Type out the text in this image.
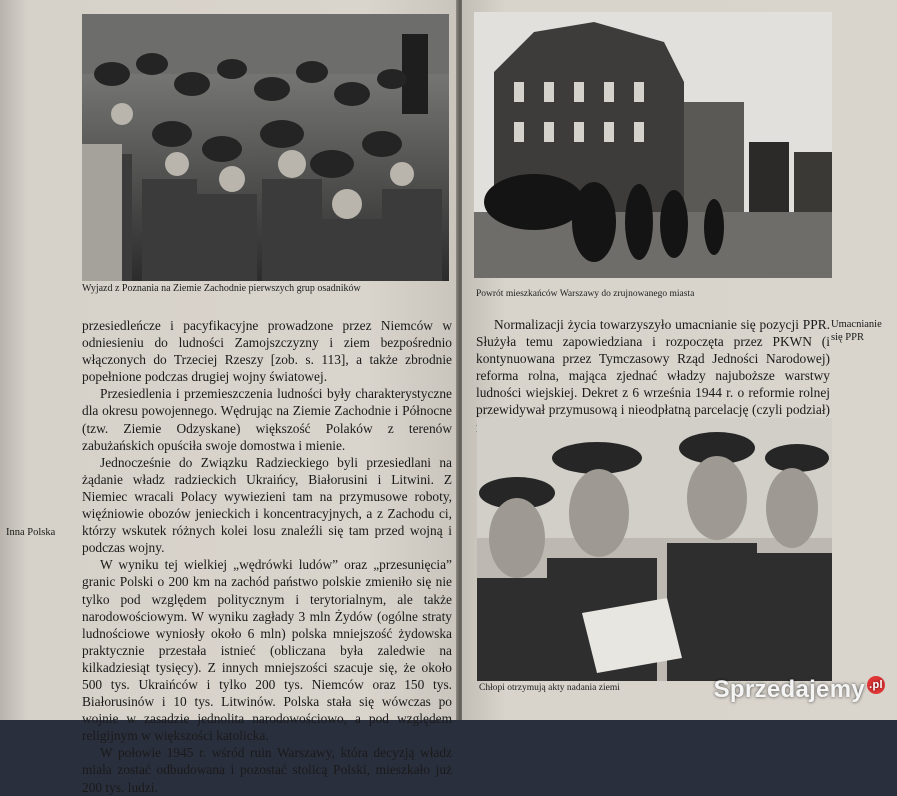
Wyjazd z Poznania na Ziemie Zachodnie pierwszych grup osadników

przesiedleńcze i pacyfikacyjne prowadzone przez Niemców w odniesieniu do ludności Zamojszczyzny i ziem bezpośrednio włączonych do Trzeciej Rzeszy [zob. s. 113], a także zbrodnie popełnione podczas drugiej wojny światowej.

Przesiedlenia i przemieszczenia ludności były charakterystyczne dla okresu powojennego. Wędrując na Ziemie Zachodnie i Północne (tzw. Ziemie Odzyskane) większość Polaków z terenów zabużańskich opuściła swoje domostwa i mienie.

Jednocześnie do Związku Radzieckiego byli przesiedlani na żądanie władz radzieckich Ukraińcy, Białorusini i Litwini. Z Niemiec wracali Polacy wywiezieni tam na przymusowe roboty, więźniowie obozów jenieckich i koncentracyjnych, a z Zachodu ci, którzy wskutek różnych kolei losu znaleźli się tam przed wojną i podczas wojny.

W wyniku tej wielkiej „wędrówki ludów” oraz „przesunięcia” granic Polski o 200 km na zachód państwo polskie zmieniło się nie tylko pod względem politycznym i terytorialnym, ale także narodowościowym. W wyniku zagłady 3 mln Żydów (ogólne straty ludnościowe wyniosły około 6 mln) polska mniejszość żydowska praktycznie przestała istnieć (obliczana była zaledwie na kilkadziesiąt tysięcy). Z innych mniejszości szacuje się, że około 500 tys. Ukraińców i tylko 200 tys. Niemców oraz 150 tys. Białorusinów i 10 tys. Litwinów. Polska stała się wówczas po wojnie w zasadzie jednolita narodowościowo, a pod względem religijnym w większości katolicka.

W połowie 1945 r. wśród ruin Warszawy, która decyzją władz miała zostać odbudowana i pozostać stolicą Polski, mieszkało już 200 tys. ludzi.

Inna Polska
Powrót mieszkańców Warszawy do zrujnowanego miasta

Normalizacji życia towarzyszyło umacnianie się pozycji PPR. Służyła temu zapowiedziana i rozpoczęta przez PKWN (i kontynuowana przez Tymczasowy Rząd Jedności Narodowej) reforma rolna, mająca zjednać władzy najuboższe warstwy ludności wiejskiej. Dekret z 6 września 1944 r. o reformie rolnej przewidywał przymusową i nieodpłatną parcelację (czyli podział)

Umacnianie się PPR
Chłopi otrzymują akty nadania ziemi	Sprzedajemy .pl
